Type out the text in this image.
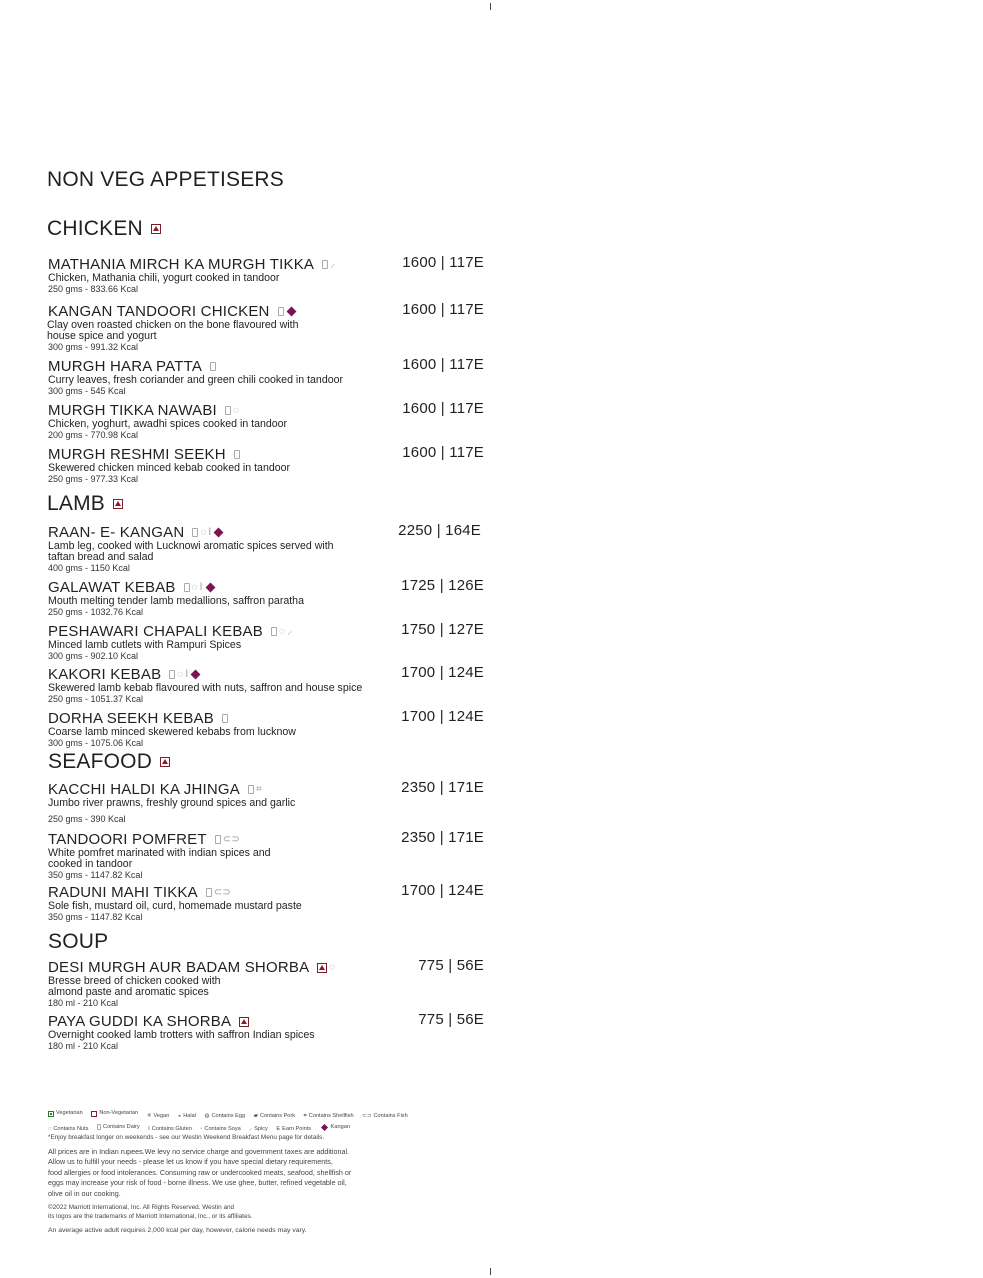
NON VEG APPETISERS
CHICKEN
MATHANIA MIRCH KA MURGH TIKKA ⸝
Chicken, Mathania chili, yogurt cooked in tandoor
250 gms - 833.66 Kcal
1600 | 117E
KANGAN TANDOORI CHICKEN
Clay oven roasted chicken on the bone flavoured with
house spice and yogurt
300 gms - 991.32 Kcal
1600 | 117E
MURGH HARA PATTA
Curry leaves, fresh coriander and green chili cooked in tandoor
300 gms - 545 Kcal
1600 | 117E
MURGH TIKKA NAWABI ◌
Chicken, yoghurt, awadhi spices cooked in tandoor
200 gms - 770.98 Kcal
1600 | 117E
MURGH RESHMI SEEKH
Skewered chicken minced kebab cooked in tandoor
250 gms - 977.33 Kcal
1600 | 117E
LAMB
RAAN- E- KANGAN ◌ ǀ
Lamb leg, cooked with Lucknowi aromatic spices served with
taftan bread and salad
400 gms - 1150 Kcal
2250 | 164E
GALAWAT KEBAB ◌ ǀ
Mouth melting tender lamb medallions, saffron paratha
250 gms - 1032.76 Kcal
1725 | 126E
PESHAWARI CHAPALI KEBAB ◌ ⸝
Minced lamb cutlets with Rampuri Spices
300 gms - 902.10 Kcal
1750 | 127E
KAKORI KEBAB ◌ ǀ
Skewered lamb kebab flavoured with nuts, saffron and house spice
250 gms - 1051.37 Kcal
1700 | 124E
DORHA SEEKH KEBAB
Coarse lamb minced skewered kebabs from lucknow
300 gms - 1075.06 Kcal
1700 | 124E
SEAFOOD
KACCHI HALDI KA JHINGA ⌗
Jumbo river prawns, freshly ground spices and garlic
250 gms - 390 Kcal
2350 | 171E
TANDOORI POMFRET ⊂⊃
White pomfret marinated with indian spices and
cooked in tandoor
350 gms - 1147.82 Kcal
2350 | 171E
RADUNI MAHI TIKKA ⊂⊃
Sole fish, mustard oil, curd, homemade mustard paste
350 gms - 1147.82 Kcal
1700 | 124E
SOUP
DESI MURGH AUR BADAM SHORBA ◌
Bresse breed of chicken cooked with
almond paste and aromatic spices
180 ml - 210 Kcal
775 | 56E
PAYA GUDDI KA SHORBA
Overnight cooked lamb trotters with saffron Indian spices
180 ml - 210 Kcal
775 | 56E
Vegetarian
	Non-Vegetarian
✳ Vegan
◒ Halal
◍ Contains Egg
▰ Contains Pork
⌗ Contains Shellfish
⊂⊃ Contains Fish
◌ Contains Nuts
	Contains Dairy
ǀ Contains Gluten
◦ Contains Soya
⸝ Spicy
E Earn Points
	Kangan
*Enjoy breakfast longer on weekends - see our Westin Weekend Breakfast Menu page for details.
All prices are in Indian rupees.We levy no service charge and government taxes are additional.
Allow us to fulfill your needs - please let us know if you have special dietary requirements,
food allergies or food intolerances. Consuming raw or undercooked meats, seafood, shellfish or
eggs may increase your risk of food - borne illness. We use ghee, butter, refined vegetable oil,
olive oil in our cooking.
©2022 Marriott International, Inc. All Rights Reserved. Westin and
its logos are the trademarks of Marriott International, Inc., or its affiliates.
An average active adult requires 2,000 kcal per day, however, calorie needs may vary.
